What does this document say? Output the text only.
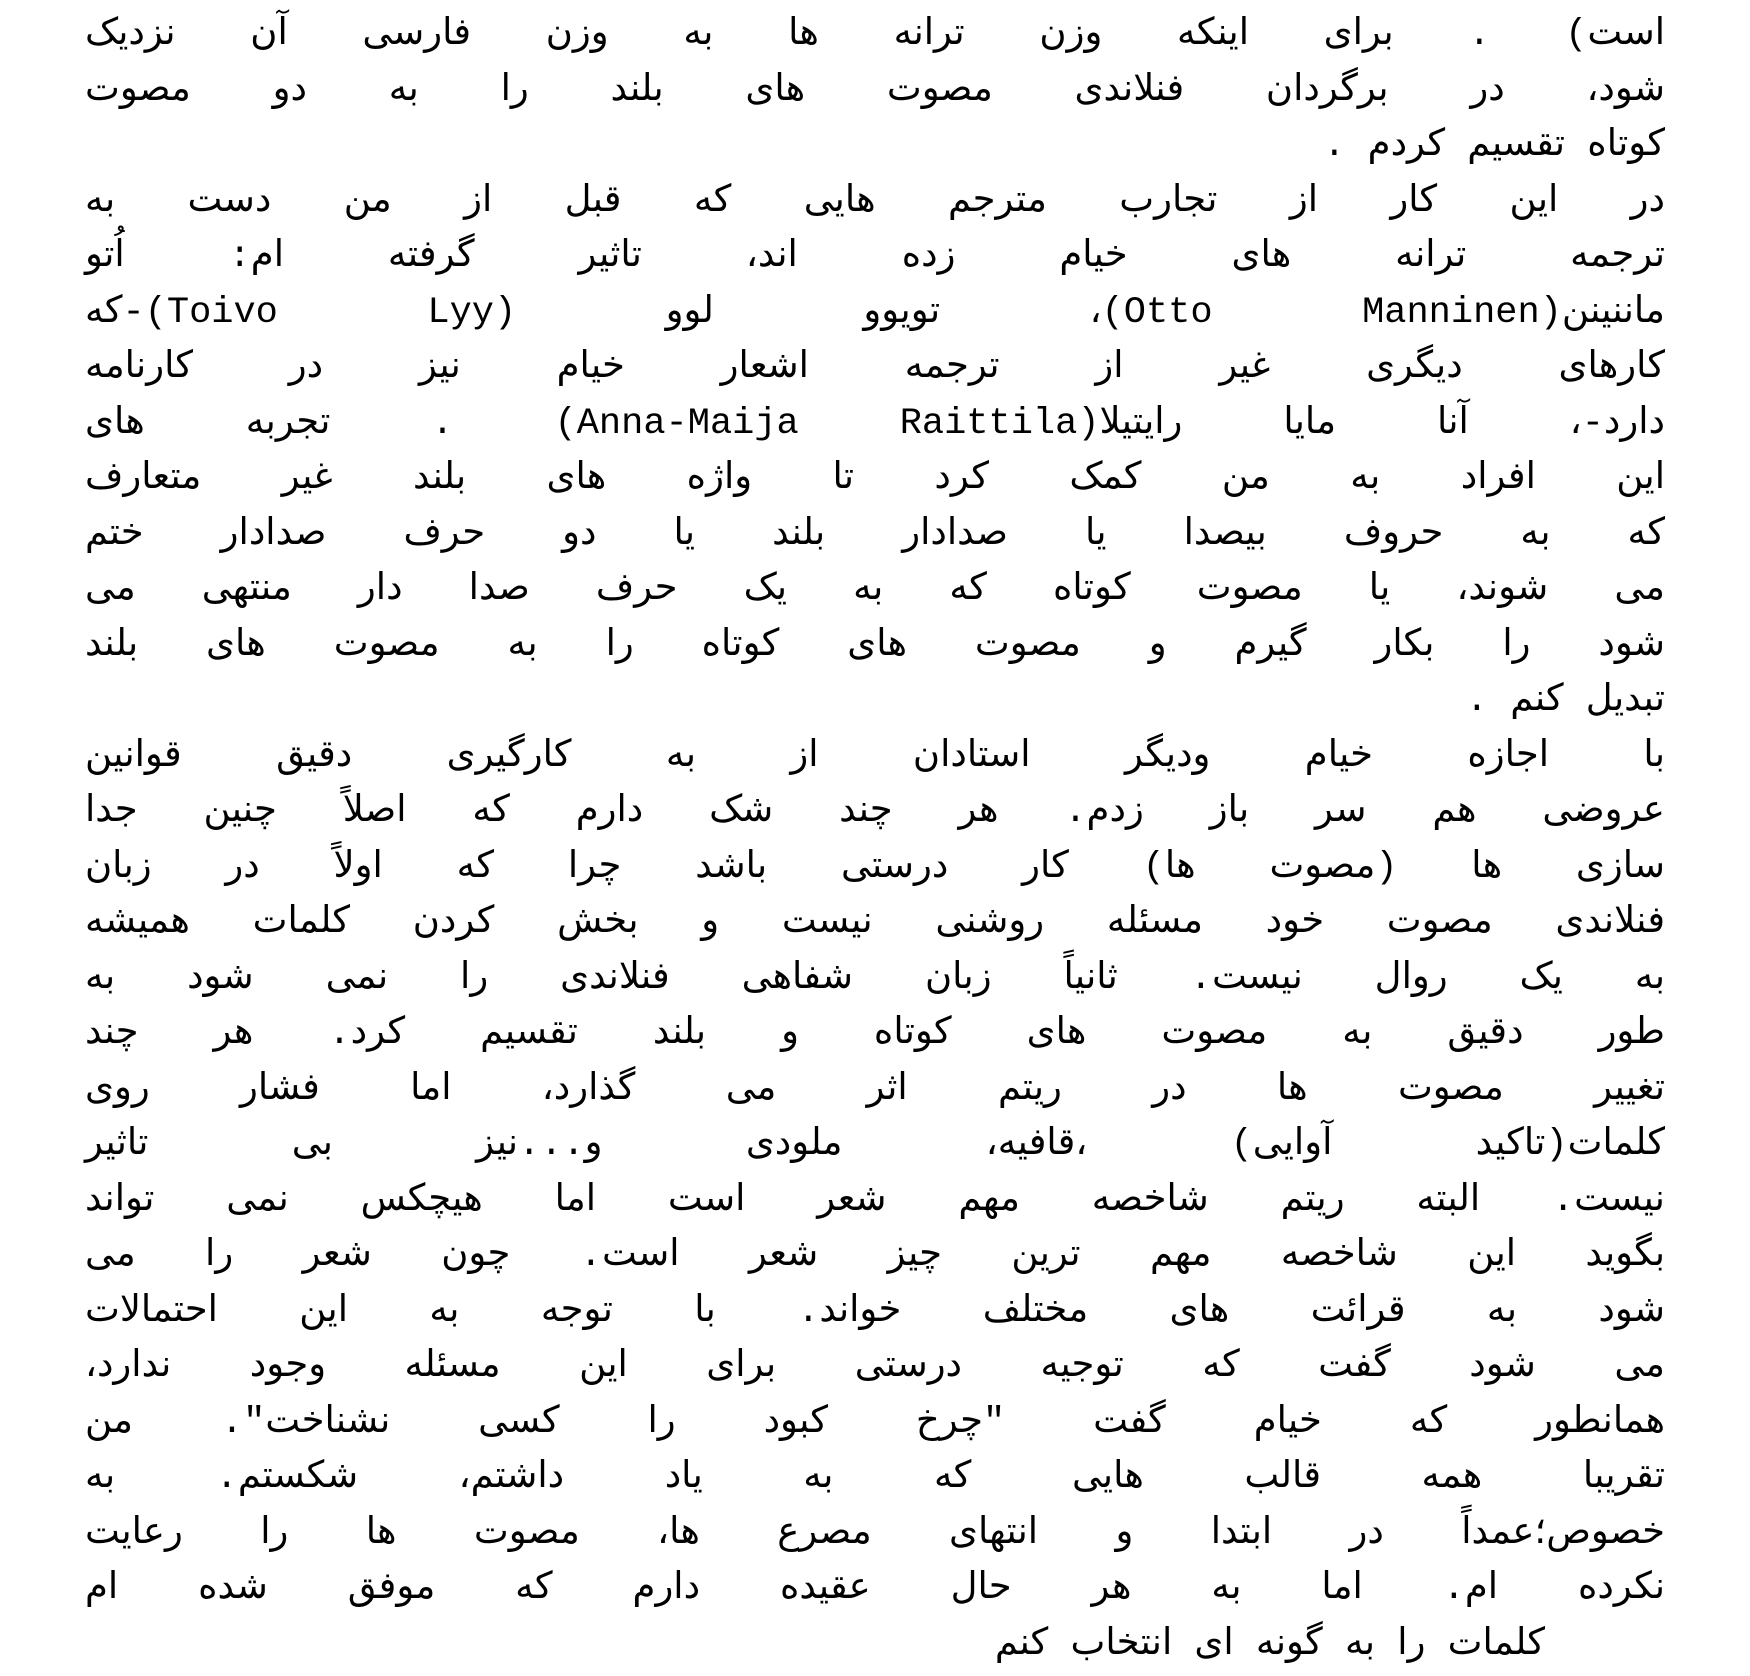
است) . برای اینکه وزن ترانه ها به وزن فارسی آن نزدیک
شود، در برگردان فنلاندی مصوت های بلند را به دو مصوت
کوتاه تقسیم کردم .
در این کار از تجارب مترجم هایی که قبل از من دست به
ترجمه ترانه های خیام زده اند، تاثیر گرفته ام: اُتو
ماننینن(Otto Manninen)، تویوو لوو (Toivo Lyy)-که
کارهای دیگری غیر از ترجمه اشعار خیام نیز در کارنامه
دارد-، آنا مایا رایتیلا(Anna-Maija Raittila) . تجربه های
این افراد به من کمک کرد تا واژه های بلند غیر متعارف
که به حروف بیصدا یا صدادار بلند یا دو حرف صدادار ختم
می شوند، یا مصوت کوتاه که به یک حرف صدا دار منتهی می
شود را بکار گیرم و مصوت های کوتاه را به مصوت های بلند
تبدیل کنم .
با اجازه خیام ودیگر استادان از به کارگیری دقیق قوانین
عروضی هم سر باز زدم. هر چند شک دارم که اصلاً چنین جدا
سازی ها (مصوت ها) کار درستی باشد چرا که اولاً در زبان
فنلاندی مصوت خود مسئله روشنی نیست و بخش کردن کلمات همیشه
به یک روال نیست. ثانیاً زبان شفاهی فنلاندی را نمی شود به
طور دقیق به مصوت های کوتاه و بلند تقسیم کرد. هر چند
تغییر مصوت ها در ریتم اثر می گذارد، اما فشار روی
کلمات(تاکید آوایی) ،قافیه، ملودی و...نیز بی تاثیر
نیست. البته ریتم شاخصه مهم شعر است اما هیچکس نمی تواند
بگوید این شاخصه مهم ترین چیز شعر است. چون شعر را می
شود به قرائت های مختلف خواند. با توجه به این احتمالات
می شود گفت که توجیه درستی برای این مسئله وجود ندارد،
همانطور که خیام گفت "چرخ کبود را کسی نشناخت". من
تقریبا همه قالب هایی که به یاد داشتم، شکستم. به
خصوص؛عمداً در ابتدا و انتهای مصرع ها، مصوت ها را رعایت
نکرده ام. اما به هر حال عقیده دارم که موفق شده ام
کلمات را به گونه ای انتخاب کنم
